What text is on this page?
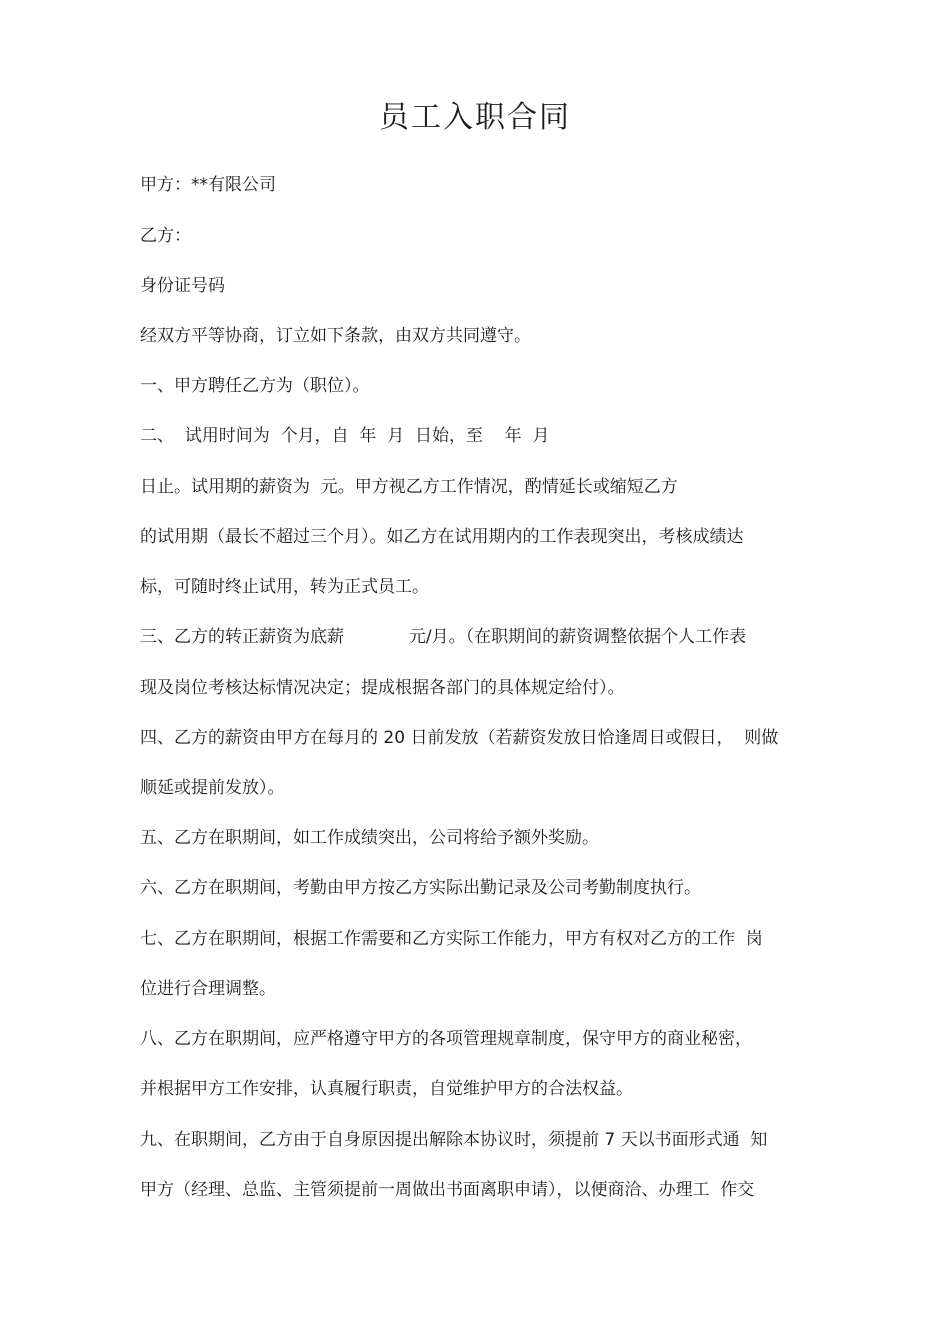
员工入职合同

甲方：**有限公司

乙方：

身份证号码

经双方平等协商，订立如下条款，由双方共同遵守。

一、甲方聘任乙方为（职位）。

二、  试用时间为  个月，自  年  月  日始，至    年  月

日止。试用期的薪资为  元。甲方视乙方工作情况，酌情延长或缩短乙方

的试用期（最长不超过三个月）。如乙方在试用期内的工作表现突出，考核成绩达

标，可随时终止试用，转为正式员工。

三、乙方的转正薪资为底薪            元/月。（在职期间的薪资调整依据个人工作表

现及岗位考核达标情况决定；提成根据各部门的具体规定给付）。

四、乙方的薪资由甲方在每月的 20 日前发放（若薪资发放日恰逢周日或假日，  则做

顺延或提前发放）。

五、乙方在职期间，如工作成绩突出，公司将给予额外奖励。

六、乙方在职期间，考勤由甲方按乙方实际出勤记录及公司考勤制度执行。

七、乙方在职期间，根据工作需要和乙方实际工作能力，甲方有权对乙方的工作  岗

位进行合理调整。

八、乙方在职期间，应严格遵守甲方的各项管理规章制度，保守甲方的商业秘密，

并根据甲方工作安排，认真履行职责，自觉维护甲方的合法权益。

九、在职期间，乙方由于自身原因提出解除本协议时，须提前 7 天以书面形式通  知

甲方（经理、总监、主管须提前一周做出书面离职申请），以便商洽、办理工  作交
